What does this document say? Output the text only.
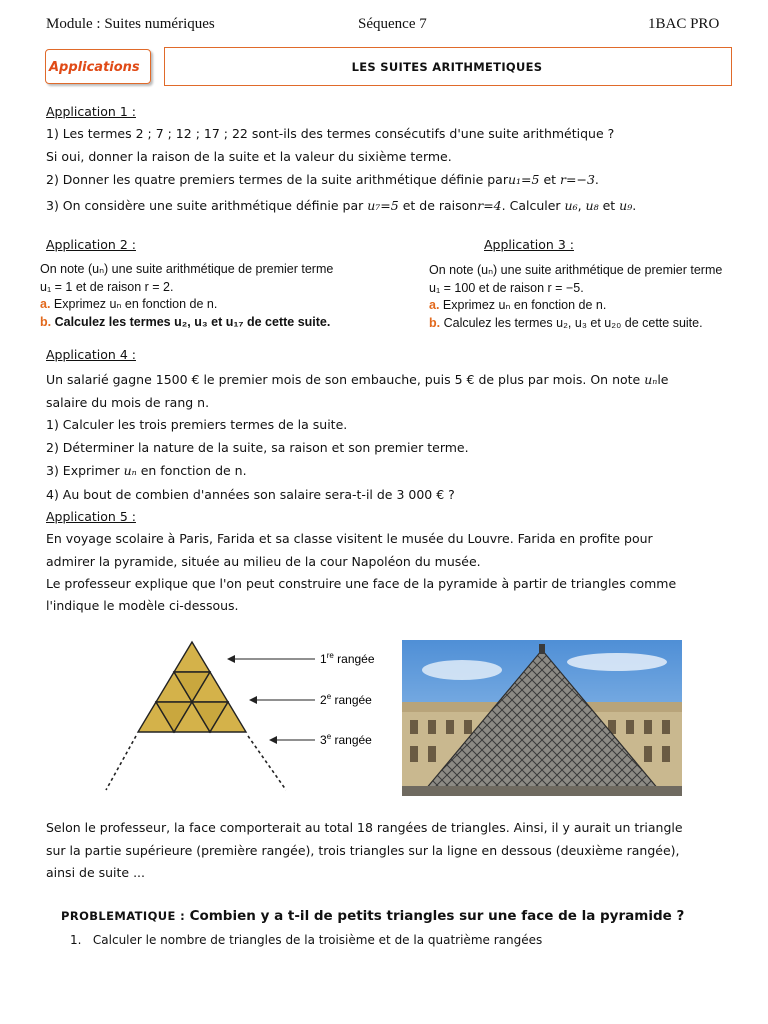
Module : Suites numériques	Séquence 7	1BAC PRO
Applications	LES SUITES ARITHMETIQUES
Application 1 :
1) Les termes 2 ; 7 ; 12 ; 17 ; 22 sont-ils des termes consécutifs d'une suite arithmétique ?
Si oui, donner la raison de la suite et la valeur du sixième terme.
2) Donner les quatre premiers termes de la suite arithmétique définie paru₁=5 et r=−3.
3) On considère une suite arithmétique définie par u₇=5 et de raisonr=4. Calculer u₆, u₈ et u₉.
Application 2 :
On note (uₙ) une suite arithmétique de premier terme
u₁ = 1 et de raison r = 2.
a. Exprimez uₙ en fonction de n.
b. Calculez les termes u₂, u₃ et u₁₇ de cette suite.
Application 3 :
On note (uₙ) une suite arithmétique de premier terme
u₁ = 100 et de raison r = −5.
a. Exprimez uₙ en fonction de n.
b. Calculez les termes u₂, u₃ et u₂₀ de cette suite.
Application 4 :
Un salarié gagne 1500 € le premier mois de son embauche, puis 5 € de plus par mois. On note uₙle
salaire du mois de rang n.
1) Calculer les trois premiers termes de la suite.
2) Déterminer la nature de la suite, sa raison et son premier terme.
3) Exprimer uₙ en fonction de n.
4) Au bout de combien d'années son salaire sera-t-il de 3 000 € ?
Application 5 :
En voyage scolaire à Paris, Farida et sa classe visitent le musée du Louvre. Farida en profite pour
admirer la pyramide, située au milieu de la cour Napoléon du musée.
Le professeur explique que l'on peut construire une face de la pyramide à partir de triangles comme
l'indique le modèle ci-dessous.
1re rangée
2e rangée
3e rangée
Selon le professeur, la face comporterait au total 18 rangées de triangles. Ainsi, il y aurait un triangle
sur la partie supérieure (première rangée), trois triangles sur la ligne en dessous (deuxième rangée),
ainsi de suite ...
PROBLEMATIQUE : Combien y a t-il de petits triangles sur une face de la pyramide ?
1. Calculer le nombre de triangles de la troisième et de la quatrième rangées
